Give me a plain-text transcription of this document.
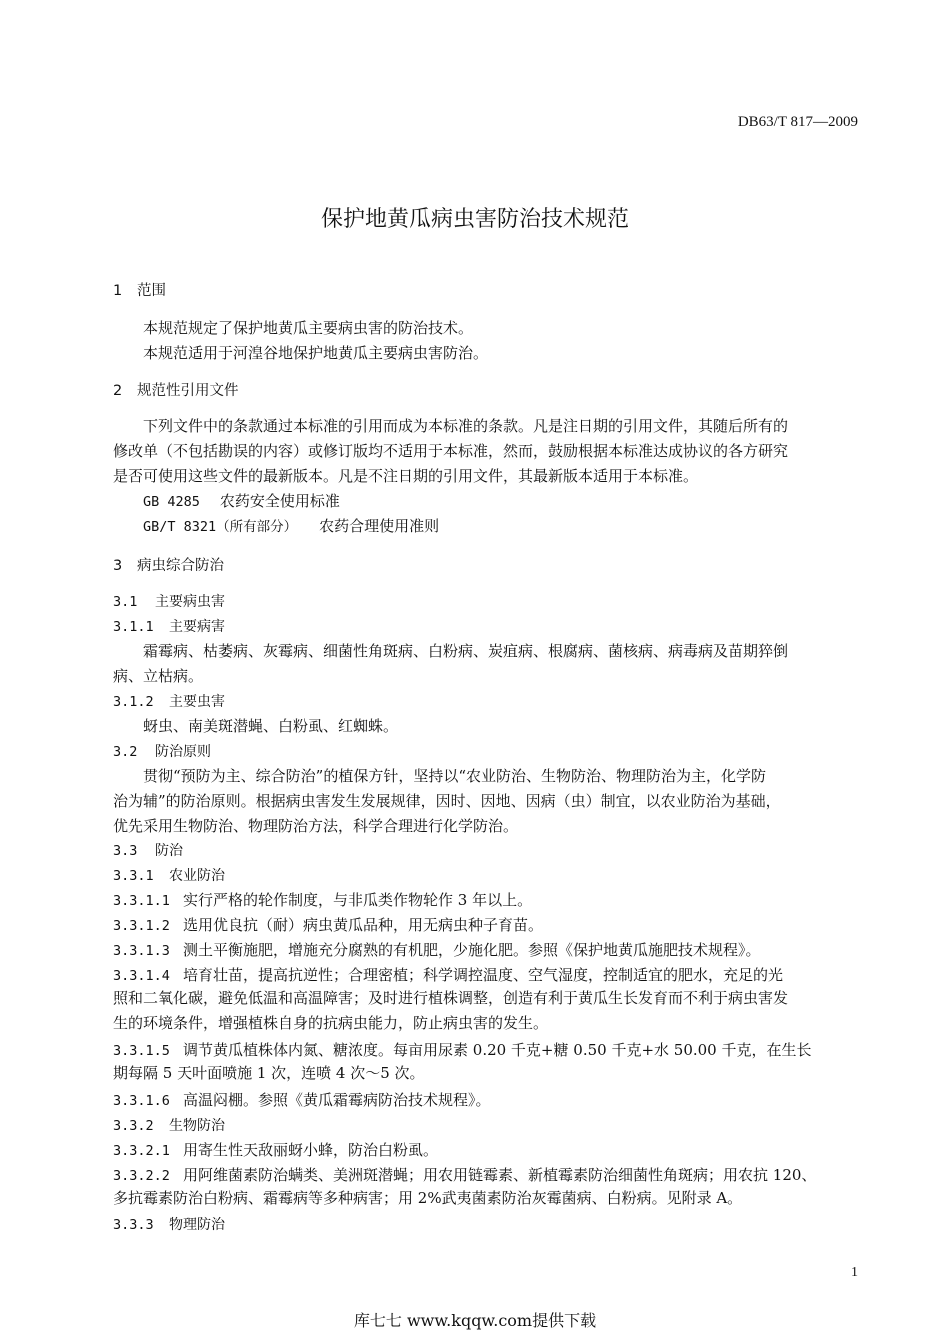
DB63/T 817—2009
保护地黄瓜病虫害防治技术规范
1 范围
本规范规定了保护地黄瓜主要病虫害的防治技术。
本规范适用于河湟谷地保护地黄瓜主要病虫害防治。
2 规范性引用文件
下列文件中的条款通过本标准的引用而成为本标准的条款。凡是注日期的引用文件，其随后所有的
修改单（不包括勘误的内容）或修订版均不适用于本标准，然而，鼓励根据本标准达成协议的各方研究
是否可使用这些文件的最新版本。凡是不注日期的引用文件，其最新版本适用于本标准。
GB 4285 农药安全使用标准
GB/T 8321（所有部分） 农药合理使用准则
3 病虫综合防治
3.1 主要病虫害
3.1.1 主要病害
霜霉病、枯萎病、灰霉病、细菌性角斑病、白粉病、炭疽病、根腐病、菌核病、病毒病及苗期猝倒
病、立枯病。
3.1.2 主要虫害
蚜虫、南美斑潜蝇、白粉虱、红蜘蛛。
3.2 防治原则
贯彻“预防为主、综合防治”的植保方针，坚持以“农业防治、生物防治、物理防治为主，化学防
治为辅”的防治原则。根据病虫害发生发展规律，因时、因地、因病（虫）制宜，以农业防治为基础，
优先采用生物防治、物理防治方法，科学合理进行化学防治。
3.3 防治
3.3.1 农业防治
3.3.1.1 实行严格的轮作制度，与非瓜类作物轮作 3 年以上。
3.3.1.2 选用优良抗（耐）病虫黄瓜品种，用无病虫种子育苗。
3.3.1.3 测土平衡施肥，增施充分腐熟的有机肥，少施化肥。参照《保护地黄瓜施肥技术规程》。
3.3.1.4 培育壮苗，提高抗逆性；合理密植；科学调控温度、空气湿度，控制适宜的肥水，充足的光
照和二氧化碳，避免低温和高温障害；及时进行植株调整，创造有利于黄瓜生长发育而不利于病虫害发
生的环境条件，增强植株自身的抗病虫能力，防止病虫害的发生。
3.3.1.5 调节黄瓜植株体内氮、糖浓度。每亩用尿素 0.20 千克+糖 0.50 千克+水 50.00 千克，在生长
期每隔 5 天叶面喷施 1 次，连喷 4 次～5 次。
3.3.1.6 高温闷棚。参照《黄瓜霜霉病防治技术规程》。
3.3.2 生物防治
3.3.2.1 用寄生性天敌丽蚜小蜂，防治白粉虱。
3.3.2.2 用阿维菌素防治螨类、美洲斑潜蝇；用农用链霉素、新植霉素防治细菌性角斑病；用农抗 120、
多抗霉素防治白粉病、霜霉病等多种病害；用 2%武夷菌素防治灰霉菌病、白粉病。见附录 A。
3.3.3 物理防治
1
库七七 www.kqqw.com提供下载
